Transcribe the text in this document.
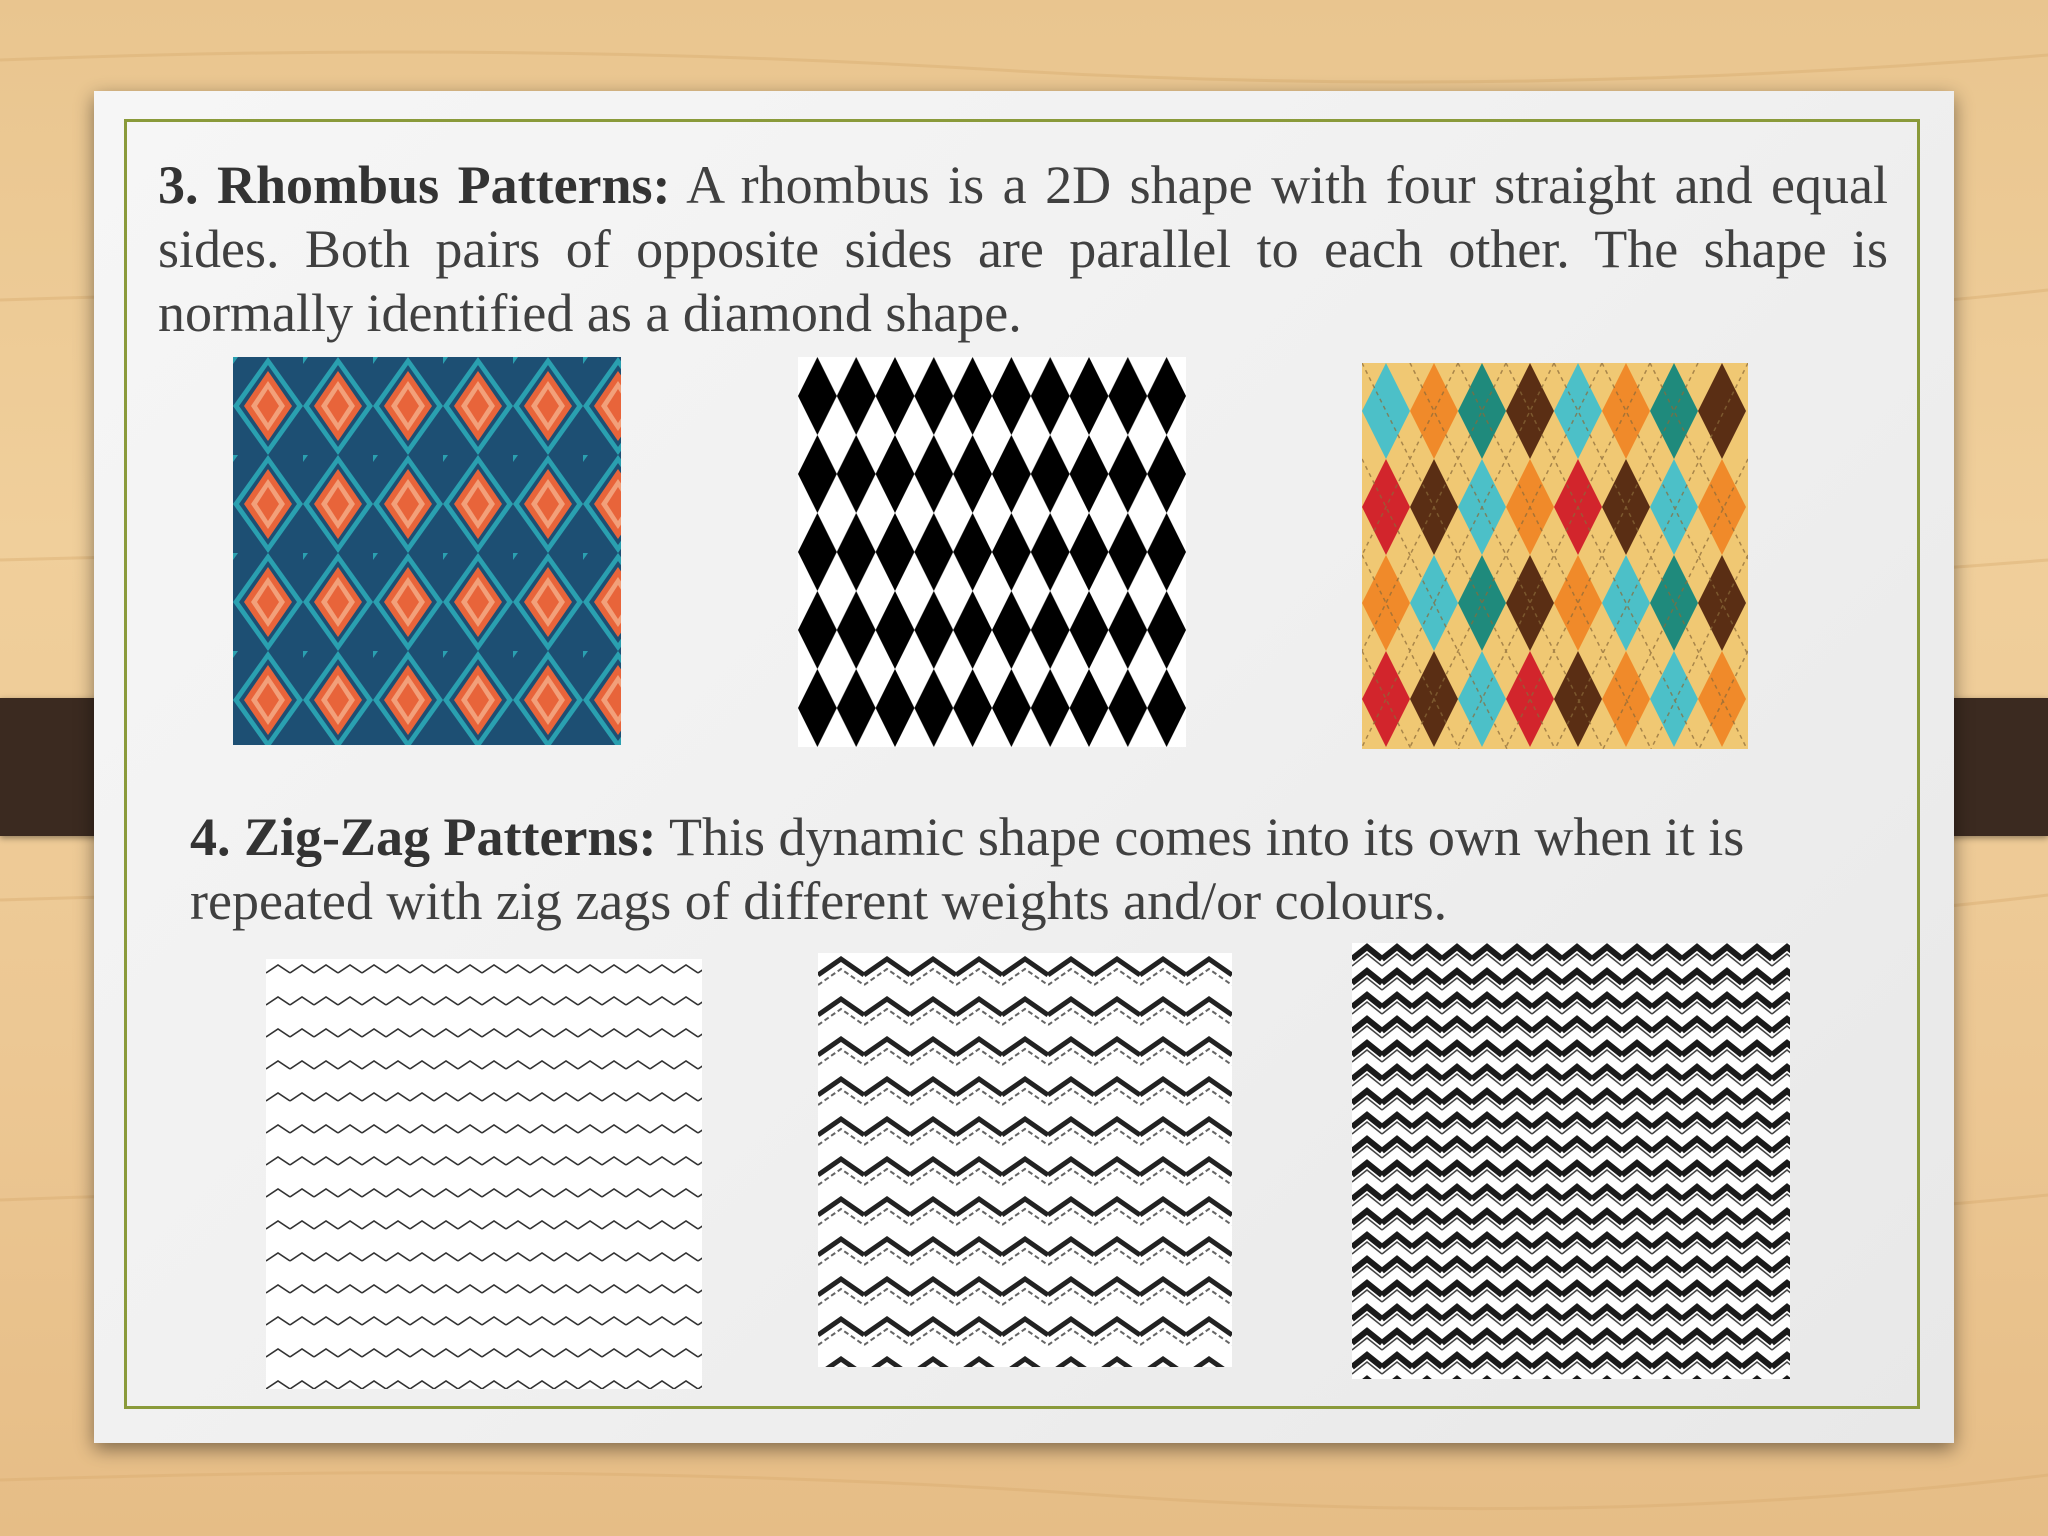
3. Rhombus Patterns: A rhombus is a 2D shape with four straight and equal sides. Both pairs of opposite sides are parallel to each other. The shape is normally identified as a diamond shape.

4. Zig-Zag Patterns: This dynamic shape comes into its own when it is repeated with zig zags of different weights and/or colours.
